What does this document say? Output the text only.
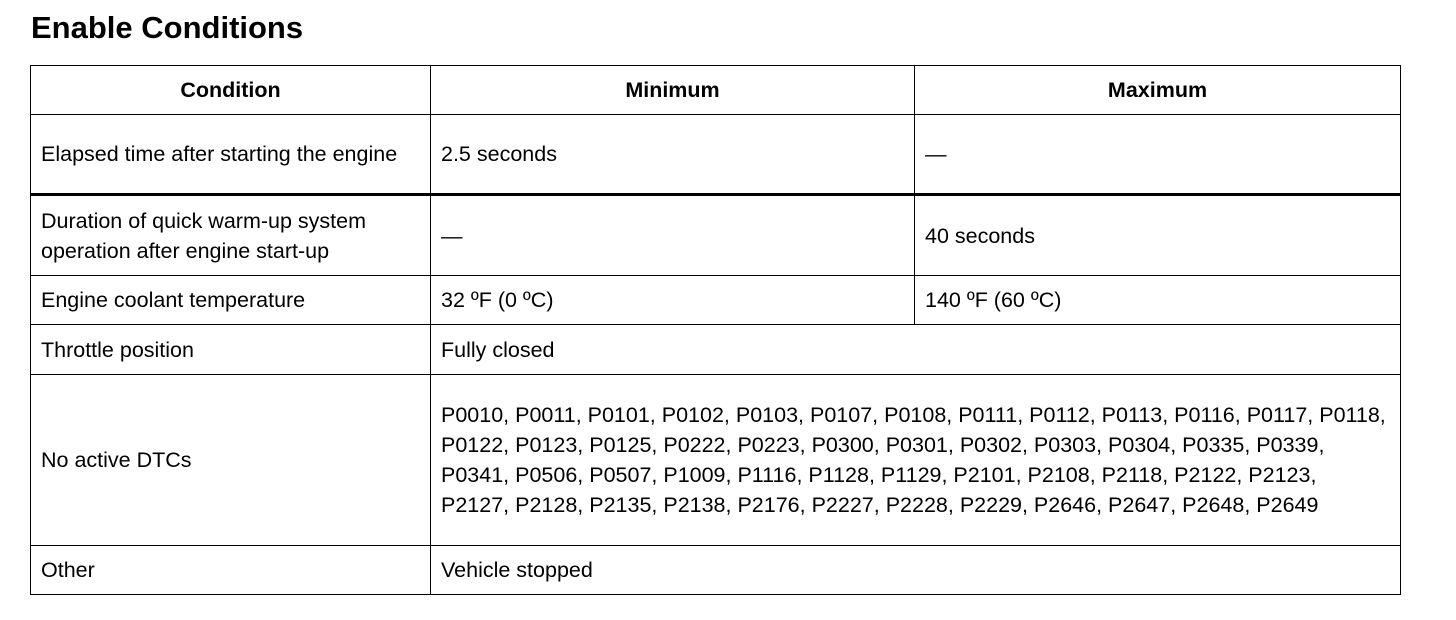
Enable Conditions
Condition	Minimum	Maximum
Elapsed time after starting the engine	2.5 seconds	—
Duration of quick warm-up system operation after engine start-up	—	40 seconds
Engine coolant temperature	32 ºF (0 ºC)	140 ºF (60 ºC)
Throttle position	Fully closed	
No active DTCs	P0010, P0011, P0101, P0102, P0103, P0107, P0108, P0111, P0112, P0113, P0116, P0117, P0118, P0122, P0123, P0125, P0222, P0223, P0300, P0301, P0302, P0303, P0304, P0335, P0339, P0341, P0506, P0507, P1009, P1116, P1128, P1129, P2101, P2108, P2118, P2122, P2123, P2127, P2128, P2135, P2138, P2176, P2227, P2228, P2229, P2646, P2647, P2648, P2649	

Other	Vehicle stopped	
